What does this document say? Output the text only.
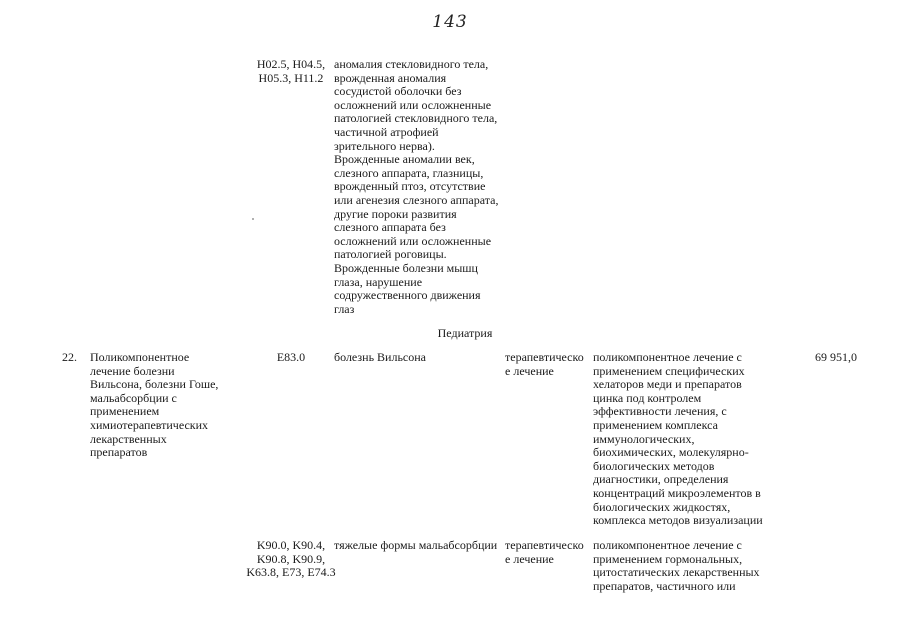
143
H02.5, H04.5,
H05.3, H11.2
аномалия стекловидного тела,
врожденная аномалия
сосудистой оболочки без
осложнений или осложненные
патологией стекловидного тела,
частичной атрофией
зрительного нерва).
Врожденные аномалии век,
слезного аппарата, глазницы,
врожденный птоз, отсутствие
или агенезия слезного аппарата,
другие пороки развития
слезного аппарата без
осложнений или осложненные
патологией роговицы.
Врожденные болезни мышц
глаза, нарушение
содружественного движения
глаз
Педиатрия
22. Поликомпонентное
лечение болезни
Вильсона, болезни Гоше,
мальабсорбции с
применением
химиотерапевтических
лекарственных
препаратов
69 951,0
E83.0	болезнь Вильсона	терапевтическо
е лечение
поликомпонентное лечение с
применением специфических
хелаторов меди и препаратов
цинка под контролем
эффективности лечения, с
применением комплекса
иммунологических,
биохимических, молекулярно-
биологических методов
диагностики, определения
концентраций микроэлементов в
биологических жидкостях,
комплекса методов визуализации
K90.0, K90.4,
K90.8, K90.9,
K63.8, E73, E74.3
тяжелые формы мальабсорбции терапевтическо
е лечение
поликомпонентное лечение с
применением гормональных,
цитостатических лекарственных
препаратов, частичного или
